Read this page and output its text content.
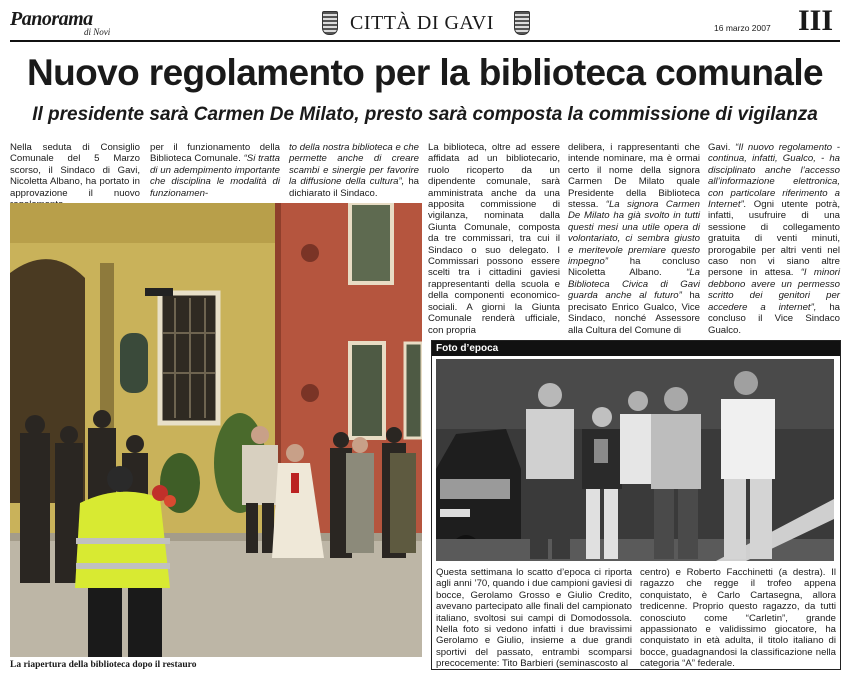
Panorama
di Novi	CITTÀ DI GAVI	16 marzo 2007 III
Nuovo regolamento per la biblioteca comunale
Il presidente sarà Carmen De Milato, presto sarà composta la commissione di vigilanza

Nella seduta di Consiglio Comunale del 5 Marzo scorso, il Sindaco di Gavi, Nicoletta Albano, ha portato in approvazione il nuovo

per il funzionamento della Biblioteca Comunale. “Si tratta di un adempimento importante che disciplina le modalità di funzionamen-

to della nostra biblioteca e che permette anche di creare scambi e sinergie per favorire la diffusione della cultura”, ha dichiarato il Sindaco.

La biblioteca, oltre ad essere affidata ad un bibliotecario, ruolo ricoperto da un dipendente comunale, sarà amministrata anche da una apposita commissione di vigilanza, nominata dalla Giunta Comunale, composta da tre commissari, tra cui il Sindaco o suo delegato. I Commissari possono essere scelti tra i cittadini gaviesi rappresentanti della scuola e della componenti economico-sociali. A giorni la Giunta Comunale renderà ufficiale, con propria

delibera, i rappresentanti che intende nominare, ma è ormai certo il nome della signora Carmen De Milato quale Presidente della Biblioteca stessa. “La signora Carmen De Milato ha già svolto in tutti questi mesi una utile opera di volontariato, ci sembra giusto e meritevole premiare questo impegno” ha concluso Nicoletta Albano.	“La Biblioteca Civica di Gavi guarda anche al futuro” ha precisato Enrico Gualco, Vice Sindaco, nonché Assessore alla Cultura del Comune di

Gavi. “Il nuovo regolamento - continua, infatti, Gualco, - ha disciplinato anche l’accesso all’informazione elettronica, con particolare riferimento a Internet”. Ogni utente potrà, infatti, usufruire di una sessione di collegamento gratuita di venti minuti, prorogabile per altri venti nel caso non vi siano altre persone in attesa. “I minori debbono avere un permesso scritto dei genitori per accedere a internet”, ha concluso il Vice Sindaco Gualco.

La riapertura della biblioteca dopo il restauro
Foto d’epoca

Questa settimana lo scatto d’epoca ci riporta agli anni ’70, quando i due campioni gaviesi di bocce, Gerolamo Grosso e Giulio Credito, avevano partecipato alle finali del campionato italiano, svoltosi sui campi di Domodossola. Nella foto si vedono infatti i due bravissimi Gerolamo e Giulio, insieme a due grandi sportivi del passato, entrambi scomparsi precocemente: Tito Barbieri (seminascosto al

centro) e Roberto Facchinetti (a destra). Il ragazzo che regge il trofeo appena conquistato, è Carlo Cartasegna, allora tredicenne. Proprio questo ragazzo, da tutti conosciuto come “Carletin”, grande appassionato e validissimo giocatore, ha conquistato in età adulta, il titolo italiano di bocce, guadagnandosi la classificazione nella categoria “A” federale.
